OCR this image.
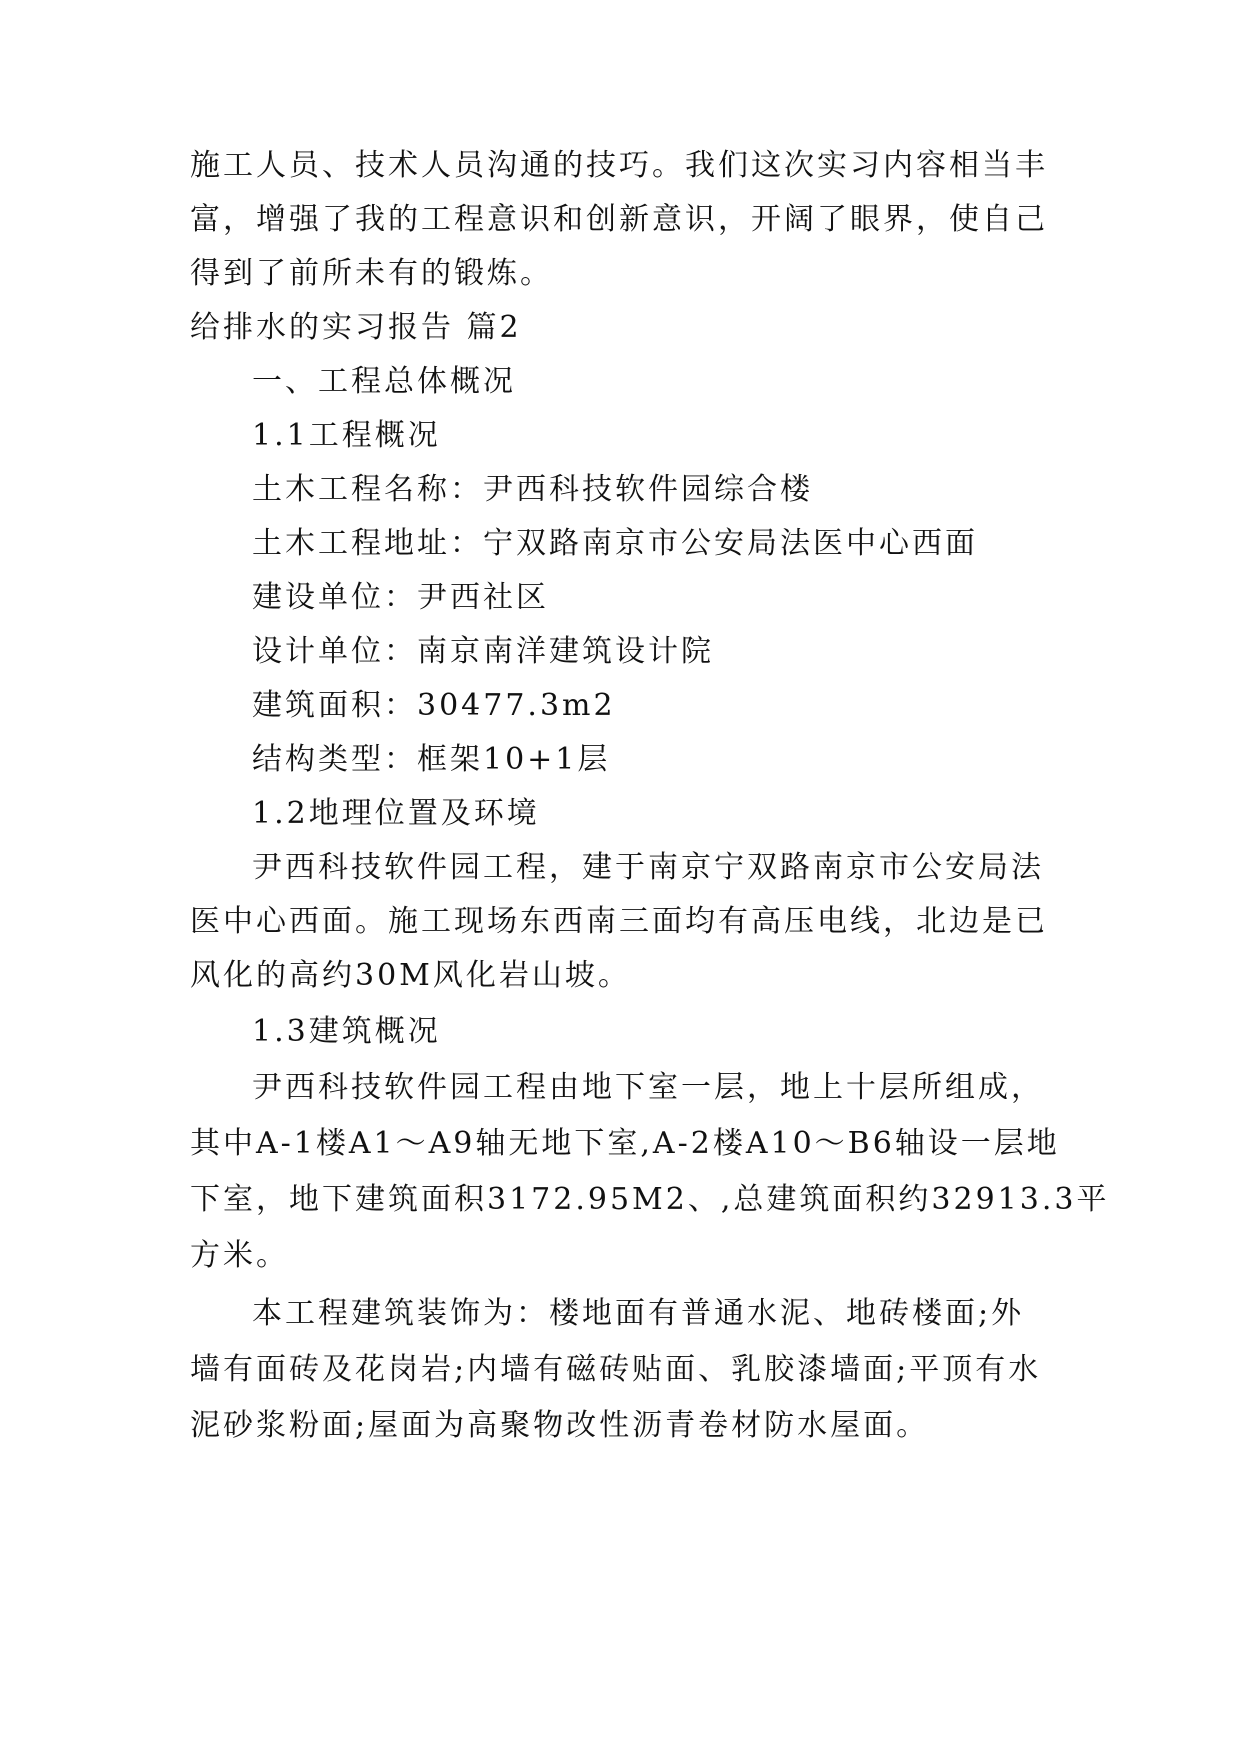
施工人员、技术人员沟通的技巧。我们这次实习内容相当丰
富，增强了我的工程意识和创新意识，开阔了眼界，使自己
得到了前所未有的锻炼。
给排水的实习报告 篇2
一、工程总体概况
1.1工程概况
土木工程名称：尹西科技软件园综合楼
土木工程地址：宁双路南京市公安局法医中心西面
建设单位：尹西社区
设计单位：南京南洋建筑设计院
建筑面积：30477.3m2
结构类型：框架10+1层
1.2地理位置及环境
尹西科技软件园工程，建于南京宁双路南京市公安局法
医中心西面。施工现场东西南三面均有高压电线，北边是已
风化的高约30M风化岩山坡。
1.3建筑概况
尹西科技软件园工程由地下室一层，地上十层所组成，
其中A-1楼A1～A9轴无地下室,A-2楼A10～B6轴设一层地
下室，地下建筑面积3172.95M2、,总建筑面积约32913.3平
方米。
本工程建筑装饰为：楼地面有普通水泥、地砖楼面;外
墙有面砖及花岗岩;内墙有磁砖贴面、乳胶漆墙面;平顶有水
泥砂浆粉面;屋面为高聚物改性沥青卷材防水屋面。
